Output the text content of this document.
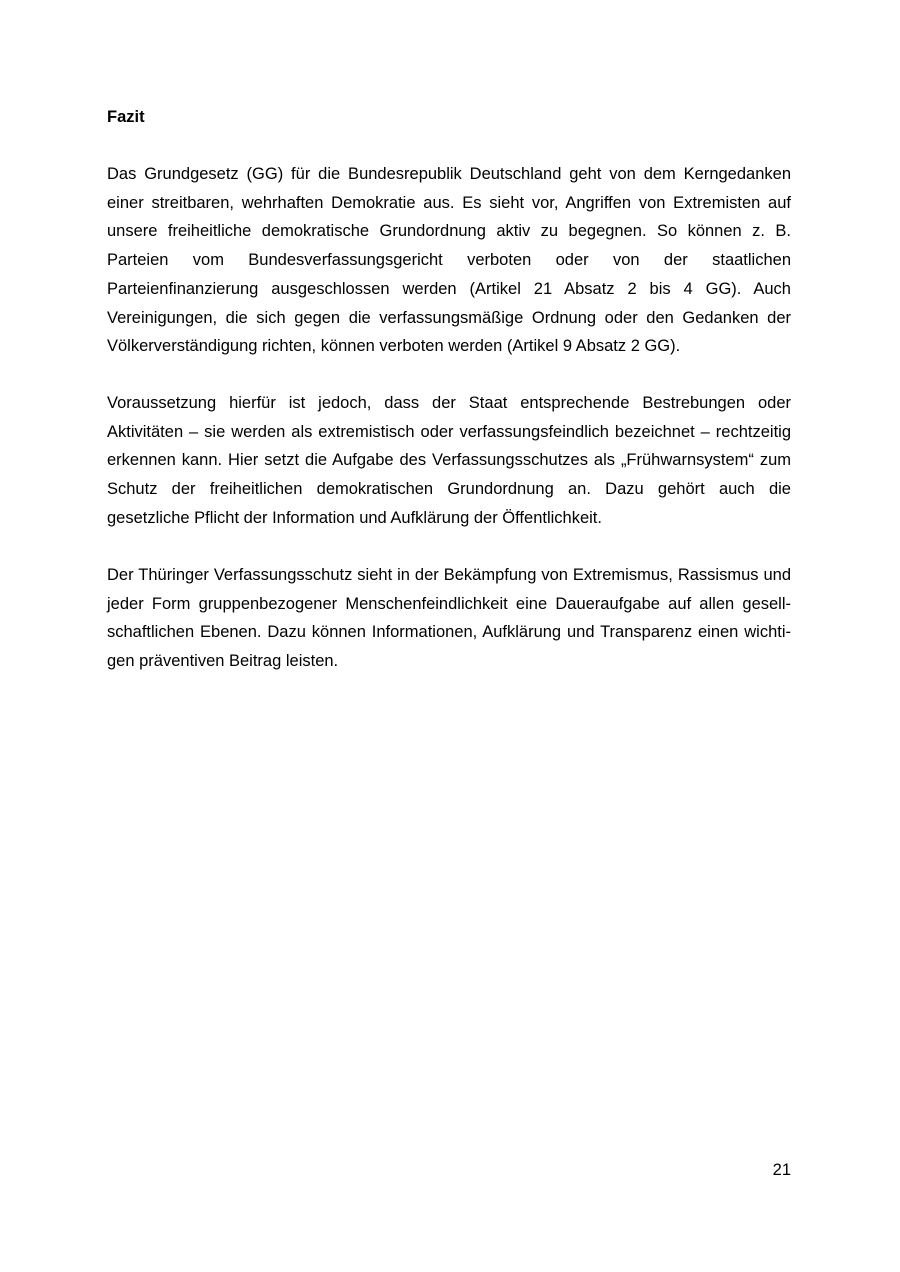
Fazit

Das Grundgesetz (GG) für die Bundesrepublik Deutschland geht von dem Kerngedanken einer streitbaren, wehrhaften Demokratie aus. Es sieht vor, Angriffen von Extremisten auf unsere freiheitliche demokratische Grundordnung aktiv zu begegnen. So können z. B. Parteien vom Bundesverfassungsgericht verboten oder von der staatlichen Parteienfinanzierung ausgeschlossen werden (Artikel 21 Absatz 2 bis 4 GG). Auch Vereinigungen, die sich gegen die verfassungsmäßige Ordnung oder den Gedanken der Völkerverständigung richten, können verboten werden (Artikel 9 Absatz 2 GG).

Voraussetzung hierfür ist jedoch, dass der Staat entsprechende Bestrebungen oder Aktivitäten – sie werden als extremistisch oder verfassungsfeindlich bezeichnet – rechtzeitig erkennen kann. Hier setzt die Aufgabe des Verfassungsschutzes als „Frühwarnsystem“ zum Schutz der freiheitlichen demokratischen Grundordnung an. Dazu gehört auch die gesetzliche Pflicht der Information und Aufklärung der Öffentlichkeit.

Der Thüringer Verfassungsschutz sieht in der Bekämpfung von Extremismus, Rassismus und jeder Form gruppenbezogener Menschenfeindlichkeit eine Daueraufgabe auf allen gesellschaftlichen Ebenen. Dazu können Informationen, Aufklärung und Transparenz einen wichtigen präventiven Beitrag leisten.

21
